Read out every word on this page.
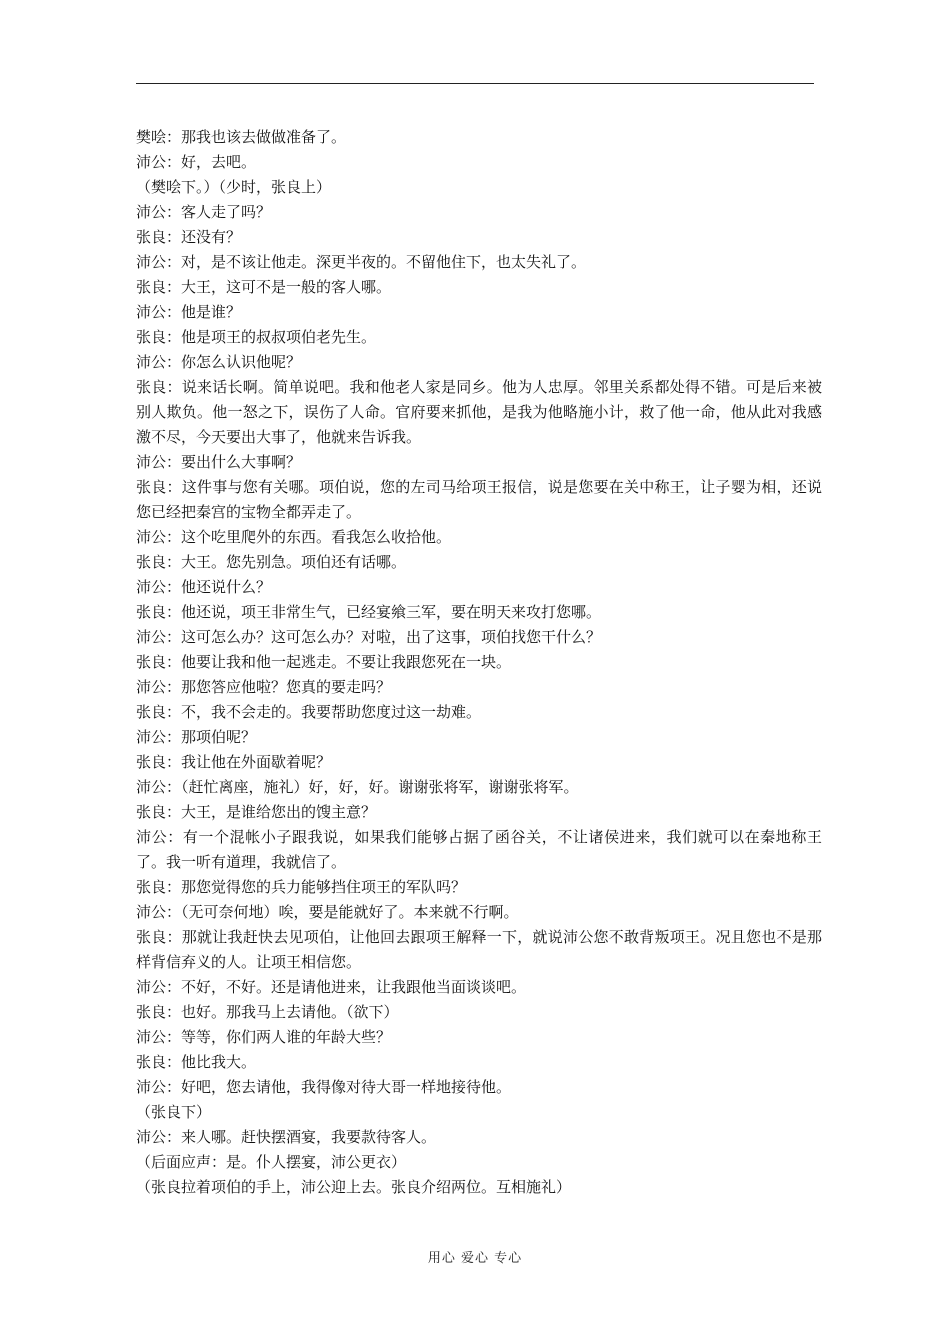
樊哙：那我也该去做做准备了。

沛公：好，去吧。

（樊哙下。）（少时，张良上）

沛公：客人走了吗？

张良：还没有？

沛公：对，是不该让他走。深更半夜的。不留他住下，也太失礼了。

张良：大王，这可不是一般的客人哪。

沛公：他是谁？

张良：他是项王的叔叔项伯老先生。

沛公：你怎么认识他呢？

张良：说来话长啊。简单说吧。我和他老人家是同乡。他为人忠厚。邻里关系都处得不错。可是后来被别人欺负。他一怒之下，误伤了人命。官府要来抓他，是我为他略施小计，救了他一命，他从此对我感激不尽，今天要出大事了，他就来告诉我。

沛公：要出什么大事啊？

张良：这件事与您有关哪。项伯说，您的左司马给项王报信，说是您要在关中称王，让子婴为相，还说您已经把秦宫的宝物全都弄走了。

沛公：这个吃里爬外的东西。看我怎么收拾他。

张良：大王。您先别急。项伯还有话哪。

沛公：他还说什么？

张良：他还说，项王非常生气，已经宴飨三军，要在明天来攻打您哪。

沛公：这可怎么办？这可怎么办？对啦，出了这事，项伯找您干什么？

张良：他要让我和他一起逃走。不要让我跟您死在一块。

沛公：那您答应他啦？您真的要走吗？

张良：不，我不会走的。我要帮助您度过这一劫难。

沛公：那项伯呢？

张良：我让他在外面歇着呢？

沛公：（赶忙离座，施礼）好，好，好。谢谢张将军，谢谢张将军。

张良：大王，是谁给您出的馊主意？

沛公：有一个混帐小子跟我说，如果我们能够占据了函谷关，不让诸侯进来，我们就可以在秦地称王了。我一听有道理，我就信了。

张良：那您觉得您的兵力能够挡住项王的军队吗？

沛公：（无可奈何地）唉，要是能就好了。本来就不行啊。

张良：那就让我赶快去见项伯，让他回去跟项王解释一下，就说沛公您不敢背叛项王。况且您也不是那样背信弃义的人。让项王相信您。

沛公：不好，不好。还是请他进来，让我跟他当面谈谈吧。

张良：也好。那我马上去请他。（欲下）

沛公：等等，你们两人谁的年龄大些？

张良：他比我大。

沛公：好吧，您去请他，我得像对待大哥一样地接待他。

（张良下）

沛公：来人哪。赶快摆酒宴，我要款待客人。

（后面应声：是。仆人摆宴，沛公更衣）

（张良拉着项伯的手上，沛公迎上去。张良介绍两位。互相施礼）

用心 爱心 专心
